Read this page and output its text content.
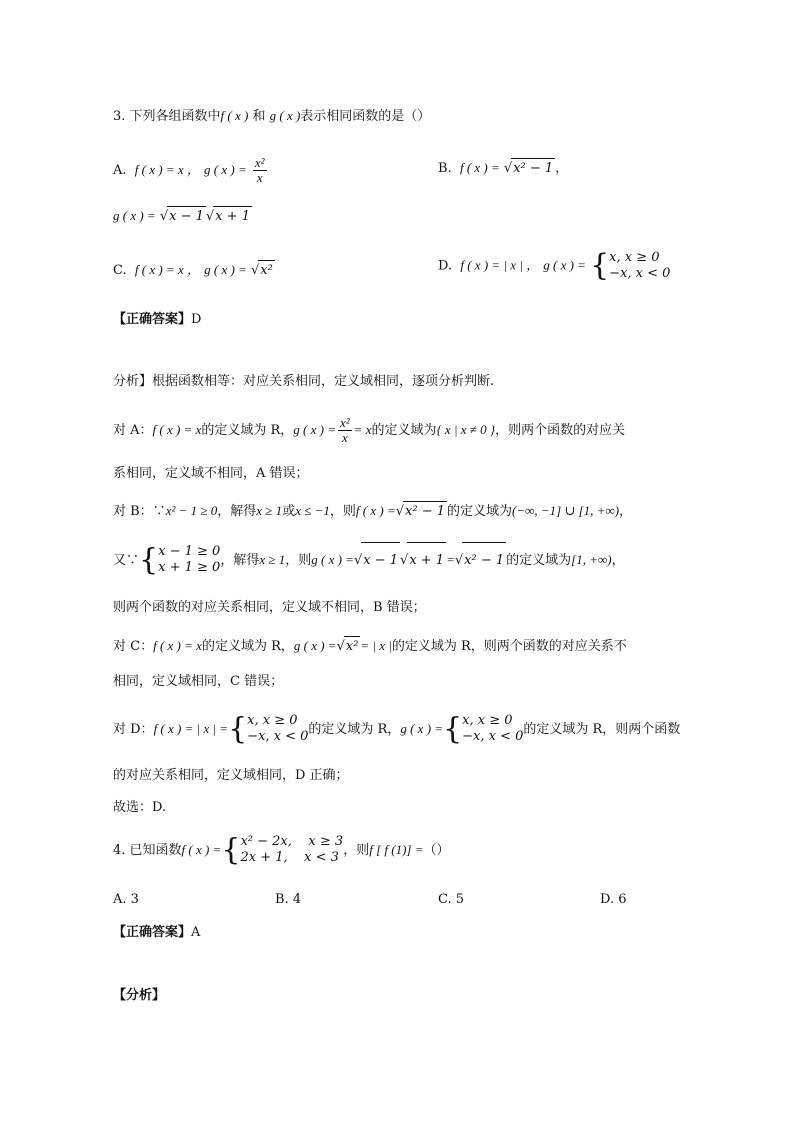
3. 下列各组函数中f ( x ) 和 g ( x )表示相同函数的是（）
A. f ( x ) = x ， g ( x ) = $\frac{\text{x²}}{x}$	B. f ( x ) = √x² − 1 ，
g ( x ) = √x − 1 √x + 1
C. f ( x ) = x ， g ( x ) = √x²	D. f ( x ) = | x | ， g ( x ) = { x, x ≥ 0
−x, x < 0
【正确答案】D
分析】根据函数相等：对应关系相同，定义域相同，逐项分析判断.
对 A：f ( x ) = x的定义域为 R，g ( x ) = $\frac{\text{x²}}{x} = x$的定义域为{ x | x ≠ 0 }，则两个函数的对应关
系相同，定义域不相同，A 错误；
对 B：∵x² − 1 ≥ 0，解得x ≥ 1或x ≤ −1，则f ( x ) =√x² − 1 的定义域为(−∞, −1] ∪ [1, +∞)，
又∵{ x − 1 ≥ 0
x + 1 ≥ 0 ，解得x ≥ 1，则g ( x ) =√x − 1 √x + 1 =√x² − 1 的定义域为[1, +∞)，
则两个函数的对应关系相同，定义域不相同，B 错误；
对 C：f ( x ) = x的定义域为 R，g ( x ) =√x² = | x |的定义域为 R，则两个函数的对应关系不
相同，定义域相同，C 错误；
对 D：f ( x ) = | x | ={ x, x ≥ 0
−x, x < 0 的定义域为 R，g ( x ) ={ x, x ≥ 0
−x, x < 0 的定义域为 R，则两个函数
的对应关系相同，定义域相同，D 正确；
故选：D.
4. 已知函数f ( x ) ={ x² − 2x,    x ≥ 3
2x + 1,    x < 3 ，则f [ f (1)] =（）
A. 3	B. 4	C. 5	D. 6
【正确答案】A
【分析】
